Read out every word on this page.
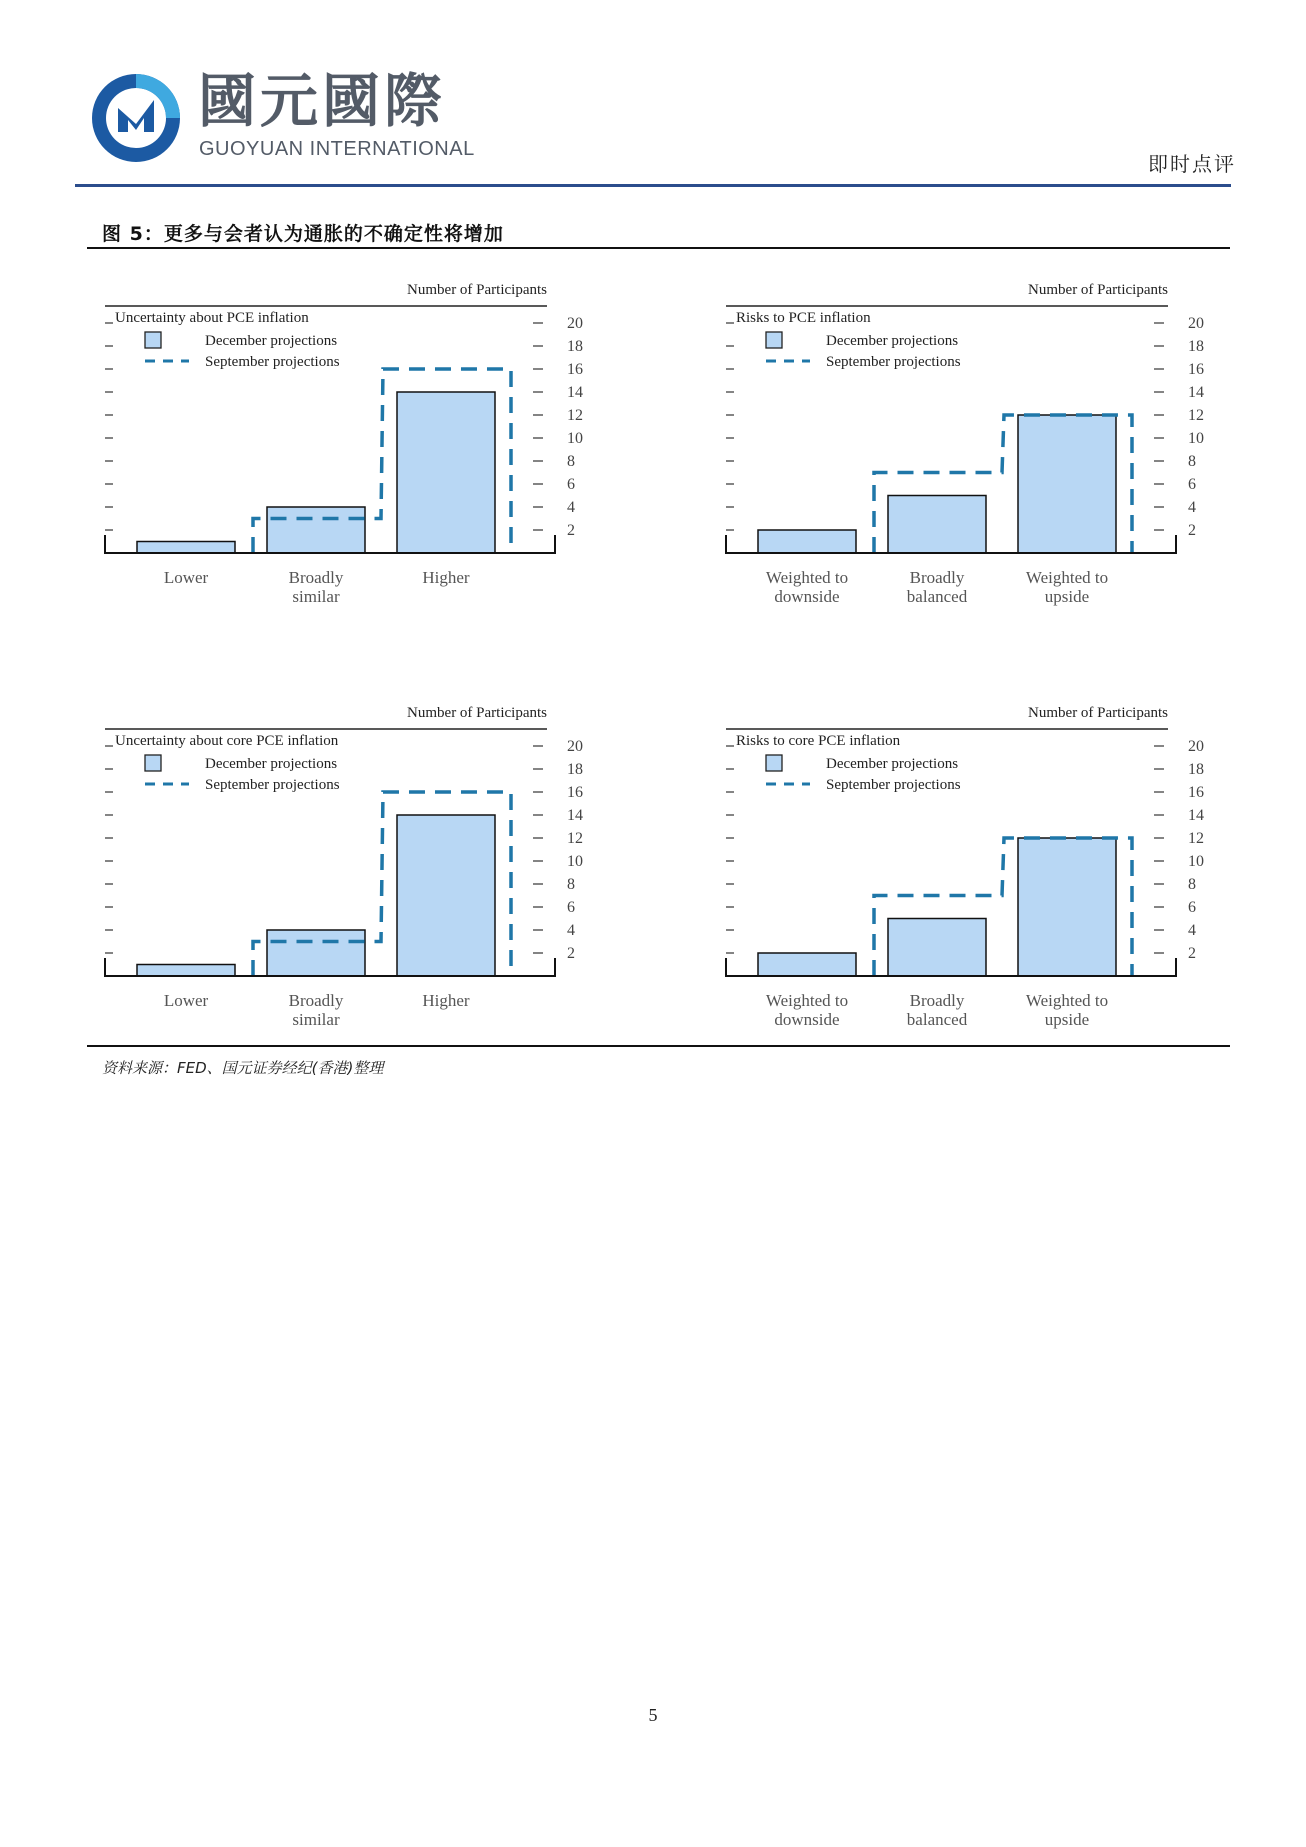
國元國際
GUOYUAN INTERNATIONAL
即时点评
图 5：更多与会者认为通胀的不确定性将增加
Number of Participants
Uncertainty about PCE inflation
2
4
6
8
10
12
14
16
18
20
Lower	Broadly similar
Higher
December projections
September projections
Number of Participants
Risks to PCE inflation
2
4
6
8
10
12
14
16
18
20
Weighted to downside
Broadly balanced
Weighted to upside
December projections
September projections
Number of Participants
Uncertainty about core PCE inflation
2
4
6
8
10
12
14
16
18
20
Lower	Broadly similar
Higher
December projections
September projections
Number of Participants
Risks to core PCE inflation
2
4
6
8
10
12
14
16
18
20
Weighted to downside
Broadly balanced
Weighted to upside
December projections
September projections
资料来源：FED、国元证券经纪(香港)整理
5
